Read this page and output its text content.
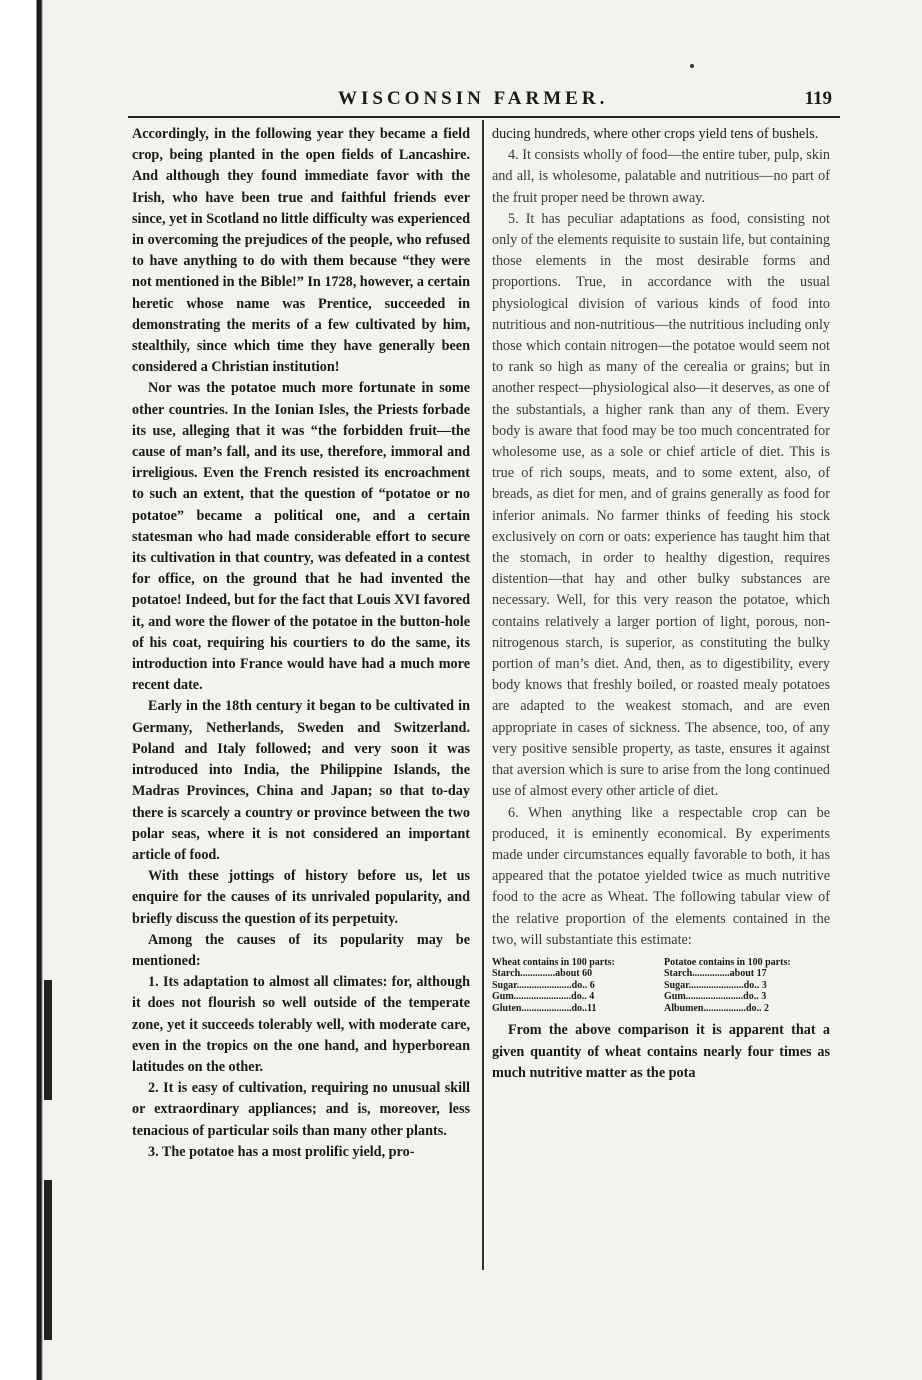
WISCONSIN FARMER.	119

Accordingly, in the following year they became a field crop, being planted in the open fields of Lancashire. And although they found immediate favor with the Irish, who have been true and faithful friends ever since, yet in Scotland no little difficulty was experienced in overcoming the prejudices of the people, who refused to have anything to do with them because “they were not mentioned in the Bible!” In 1728, however, a certain heretic whose name was Prentice, succeeded in demonstrating the merits of a few cultivated by him, stealthily, since which time they have generally been considered a Christian institution!

Nor was the potatoe much more fortunate in some other countries. In the Ionian Isles, the Priests forbade its use, alleging that it was “the forbidden fruit—the cause of man’s fall, and its use, therefore, immoral and irreligious. Even the French resisted its encroachment to such an extent, that the question of “potatoe or no potatoe” became a political one, and a certain statesman who had made considerable effort to secure its cultivation in that country, was defeated in a contest for office, on the ground that he had invented the potatoe! Indeed, but for the fact that Louis XVI favored it, and wore the flower of the potatoe in the button-hole of his coat, requiring his courtiers to do the same, its introduction into France would have had a much more recent date.

Early in the 18th century it began to be cultivated in Germany, Netherlands, Sweden and Switzerland. Poland and Italy followed; and very soon it was introduced into India, the Philippine Islands, the Madras Provinces, China and Japan; so that to-day there is scarcely a country or province between the two polar seas, where it is not considered an important article of food.

With these jottings of history before us, let us enquire for the causes of its unrivaled popularity, and briefly discuss the question of its perpetuity.

Among the causes of its popularity may be mentioned:

1. Its adaptation to almost all climates: for, although it does not flourish so well outside of the temperate zone, yet it succeeds tolerably well, with moderate care, even in the tropics on the one hand, and hyperborean latitudes on the other.

2. It is easy of cultivation, requiring no unusual skill or extraordinary appliances; and is, moreover, less tenacious of particular soils than many other plants.

3. The potatoe has a most prolific yield, pro-

ducing hundreds, where other crops yield tens of bushels.

4. It consists wholly of food—the entire tuber, pulp, skin and all, is wholesome, palatable and nutritious—no part of the fruit proper need be thrown away.

5. It has peculiar adaptations as food, consisting not only of the elements requisite to sustain life, but containing those elements in the most desirable forms and proportions. True, in accordance with the usual physiological division of various kinds of food into nutritious and non-nutritious—the nutritious including only those which contain nitrogen—the potatoe would seem not to rank so high as many of the cerealia or grains; but in another respect—physiological also—it deserves, as one of the substantials, a higher rank than any of them. Every body is aware that food may be too much concentrated for wholesome use, as a sole or chief article of diet. This is true of rich soups, meats, and to some extent, also, of breads, as diet for men, and of grains generally as food for inferior animals. No farmer thinks of feeding his stock exclusively on corn or oats: experience has taught him that the stomach, in order to healthy digestion, requires distention—that hay and other bulky substances are necessary. Well, for this very reason the potatoe, which contains relatively a larger portion of light, porous, non-nitrogenous starch, is superior, as constituting the bulky portion of man’s diet. And, then, as to digestibility, every body knows that freshly boiled, or roasted mealy potatoes are adapted to the weakest stomach, and are even appropriate in cases of sickness. The absence, too, of any very positive sensible property, as taste, ensures it against that aversion which is sure to arise from the long continued use of almost every other article of diet.

6. When anything like a respectable crop can be produced, it is eminently economical. By experiments made under circumstances equally favorable to both, it has appeared that the potatoe yielded twice as much nutritive food to the acre as Wheat. The following tabular view of the relative proportion of the elements contained in the two, will substantiate this estimate:

Wheat contains in 100 parts:	Potatoe contains in 100 parts:
Starch..............about 60	Starch...............about 17
Sugar......................do.. 6	Sugar......................do.. 3
Gum.......................do.. 4	Gum.......................do.. 3
Gluten....................do..11	Albumen.................do.. 2

From the above comparison it is apparent that a given quantity of wheat contains nearly four times as much nutritive matter as the pota
